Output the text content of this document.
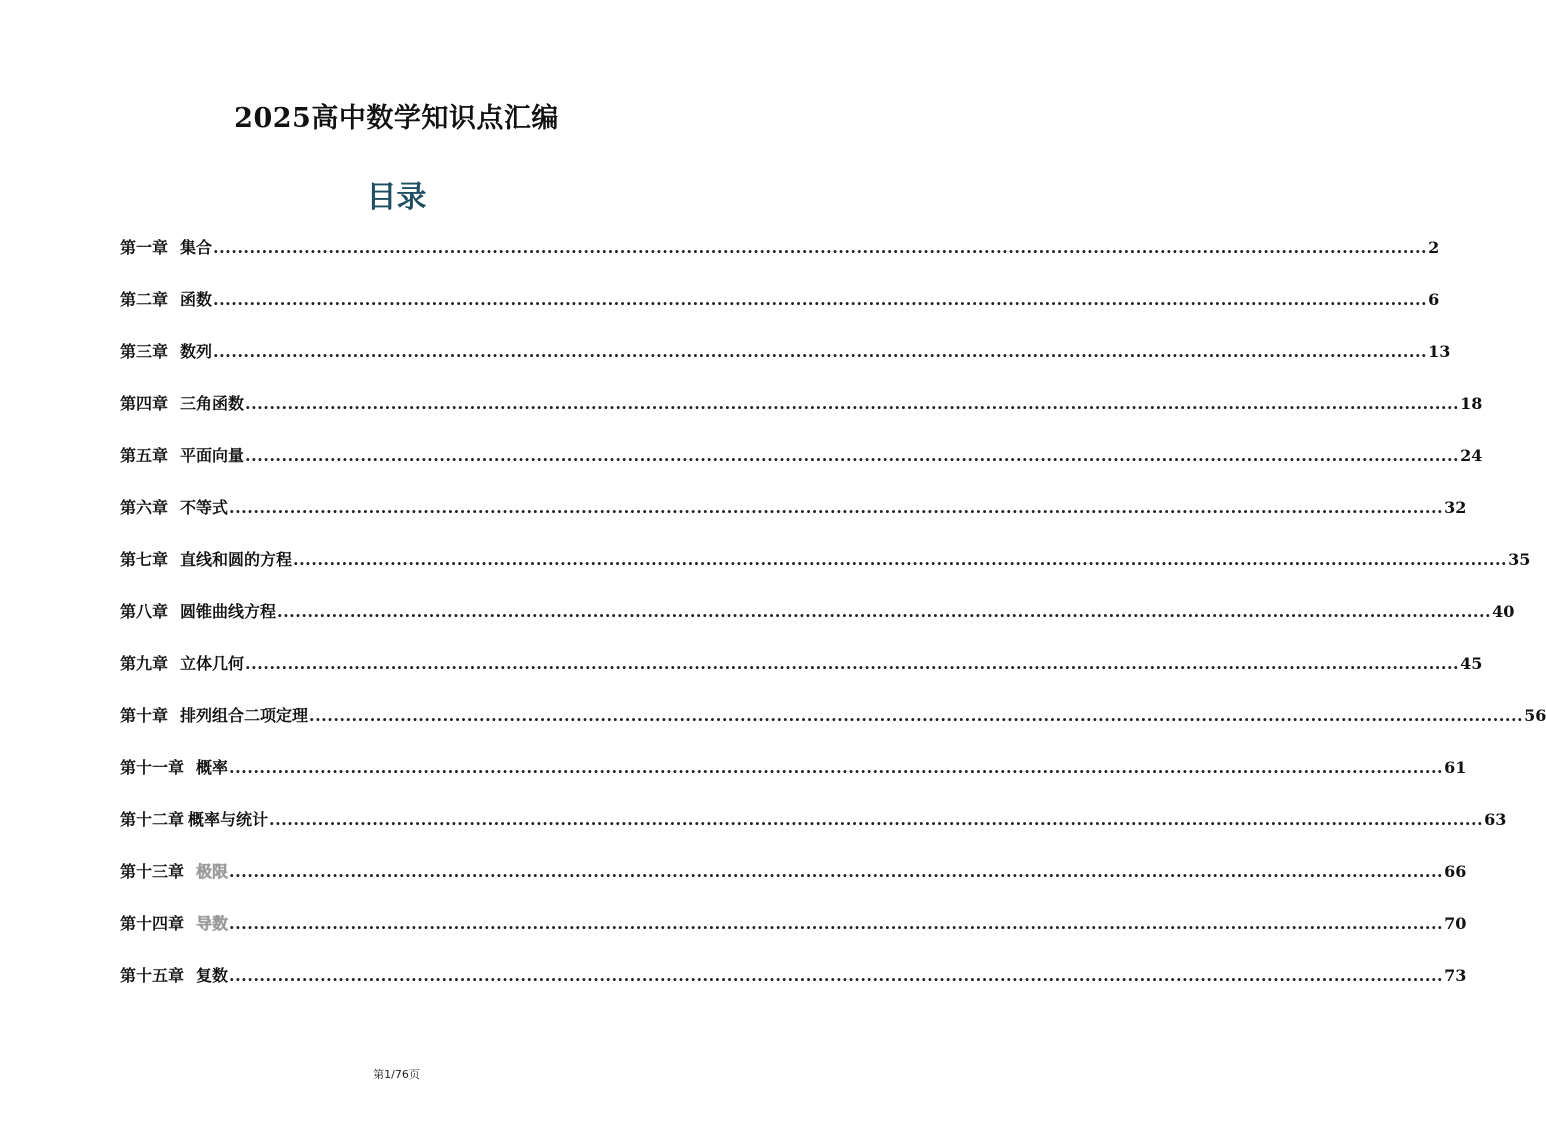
2025高中数学知识点汇编
目录
第一章 集合 ........................................................................................................................................................................................................ 2
第二章 函数 ........................................................................................................................................................................................................ 6
第三章 数列 ........................................................................................................................................................................................................ 13
第四章 三角函数 ........................................................................................................................................................................................................ 18
第五章 平面向量 ........................................................................................................................................................................................................ 24
第六章 不等式 ........................................................................................................................................................................................................ 32
第七章 直线和圆的方程 ........................................................................................................................................................................................................ 35
第八章 圆锥曲线方程 ........................................................................................................................................................................................................ 40
第九章 立体几何 ........................................................................................................................................................................................................ 45
第十章 排列组合二项定理 ........................................................................................................................................................................................................ 56
第十一章 概率 ........................................................................................................................................................................................................ 61
第十二章 概率与统计 ........................................................................................................................................................................................................ 63
第十三章 极限 ........................................................................................................................................................................................................ 66
第十四章 导数 ........................................................................................................................................................................................................ 70
第十五章 复数 ........................................................................................................................................................................................................ 73
第1/76页
